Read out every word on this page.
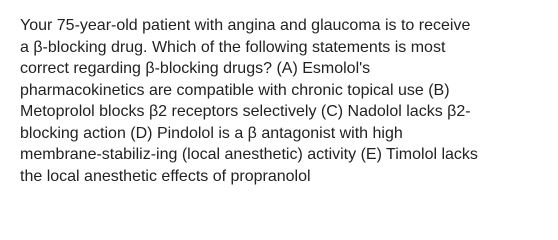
Your 75-year-old patient with angina and glaucoma is to receive
a β-blocking drug. Which of the following statements is most
correct regarding β-blocking drugs? (A) Esmolol's
pharmacokinetics are compatible with chronic topical use (B)
Metoprolol blocks β2 receptors selectively (C) Nadolol lacks β2-
blocking action (D) Pindolol is a β antagonist with high
membrane-stabiliz-ing (local anesthetic) activity (E) Timolol lacks
the local anesthetic effects of propranolol
